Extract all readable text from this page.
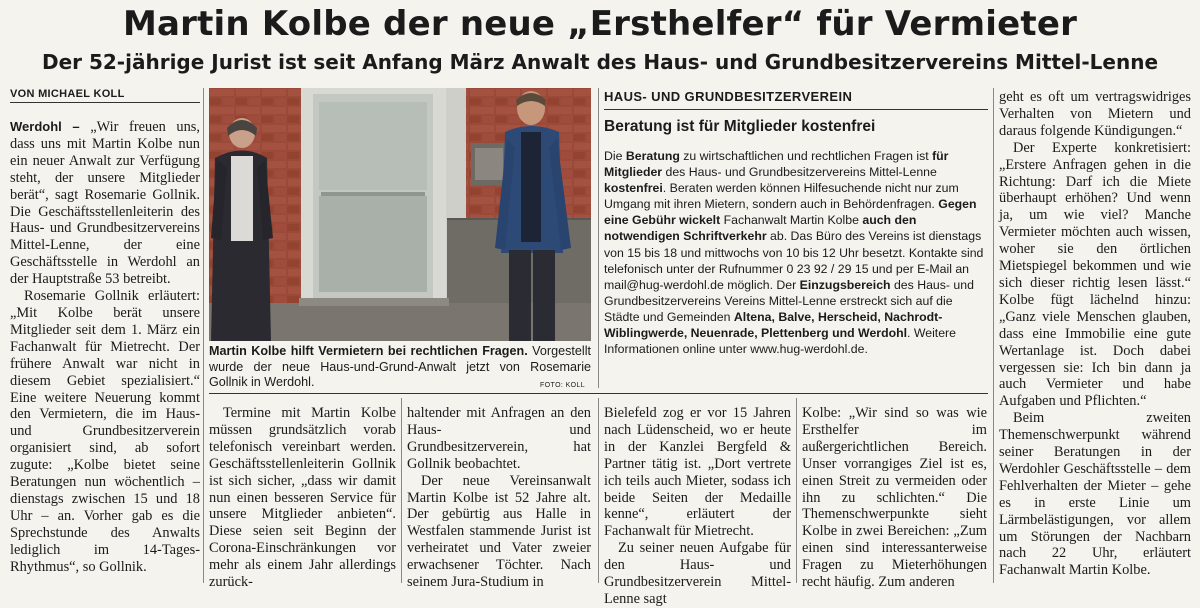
Martin Kolbe der neue „Ersthelfer“ für Vermieter
Der 52-jährige Jurist ist seit Anfang März Anwalt des Haus- und Grundbesitzervereins Mittel-Lenne
VON MICHAEL KOLL

Werdohl – „Wir freuen uns, dass uns mit Martin Kolbe nun ein neuer Anwalt zur Verfügung steht, der unsere Mitglieder berät“, sagt Rosemarie Gollnik. Die Geschäftsstellenleiterin des Haus- und Grundbesitzervereins Mittel-Lenne, der eine Geschäftsstelle in Werdohl an der Hauptstraße 53 betreibt.

Rosemarie Gollnik erläutert: „Mit Kolbe berät unsere Mitglieder seit dem 1. März ein Fachanwalt für Mietrecht. Der frühere Anwalt war nicht in diesem Gebiet spezialisiert.“ Eine weitere Neuerung kommt den Vermietern, die im Haus- und Grundbesitzerverein organisiert sind, ab sofort zugute: „Kolbe bietet seine Beratungen nun wöchentlich – dienstags zwischen 15 und 18 Uhr – an. Vorher gab es die Sprechstunde des Anwalts lediglich im 14-Tages-Rhythmus“, so Gollnik.

Martin Kolbe hilft Vermietern bei rechtlichen Fragen. Vorgestellt wurde der neue Haus-und-Grund-Anwalt jetzt von Rosemarie Gollnik in Werdohl.	FOTO: KOLL

Termine mit Martin Kolbe müssen grundsätzlich vorab telefonisch vereinbart werden. Geschäftsstellenleiterin Gollnik ist sich sicher, „dass wir damit nun einen besseren Service für unsere Mitglieder anbieten“. Diese seien seit Beginn der Corona-Einschränkungen vor mehr als einem Jahr allerdings zurück-

haltender mit Anfragen an den Haus- und Grundbesitzerverein, hat Gollnik beobachtet.

Der neue Vereinsanwalt Martin Kolbe ist 52 Jahre alt. Der gebürtig aus Halle in Westfalen stammende Jurist ist verheiratet und Vater zweier erwachsener Töchter. Nach seinem Jura-Studium in

HAUS- UND GRUNDBESITZERVEREIN
Beratung ist für Mitglieder kostenfrei
Die Beratung zu wirtschaftlichen und rechtlichen Fragen ist für Mitglieder des Haus- und Grundbesitzervereins Mittel-Lenne kostenfrei. Beraten werden können Hilfesuchende nicht nur zum Umgang mit ihren Mietern, sondern auch in Behördenfragen. Gegen eine Gebühr wickelt Fachanwalt Martin Kolbe auch den notwendigen Schriftverkehr ab. Das Büro des Vereins ist dienstags von 15 bis 18 und mittwochs von 10 bis 12 Uhr besetzt. Kontakte sind telefonisch unter der Rufnummer 0 23 92 / 29 15 und per E-Mail an mail@hug-werdohl.de möglich. Der Einzugsbereich des Haus- und Grundbesitzervereins Vereins Mittel-Lenne erstreckt sich auf die Städte und Gemeinden Altena, Balve, Herscheid, Nachrodt-Wiblingwerde, Neuenrade, Plettenberg und Werdohl. Weitere Informationen online unter www.hug-werdohl.de.

Bielefeld zog er vor 15 Jahren nach Lüdenscheid, wo er heute in der Kanzlei Bergfeld & Partner tätig ist. „Dort vertrete ich teils auch Mieter, sodass ich beide Seiten der Medaille kenne“, erläutert der Fachanwalt für Mietrecht.

Zu seiner neuen Aufgabe für den Haus- und Grundbesitzerverein Mittel-Lenne sagt

Kolbe: „Wir sind so was wie Ersthelfer im außergerichtlichen Bereich. Unser vorrangiges Ziel ist es, einen Streit zu vermeiden oder ihn zu schlichten.“ Die Themenschwerpunkte sieht Kolbe in zwei Bereichen: „Zum einen sind interessanterweise Fragen zu Mieterhöhungen recht häufig. Zum anderen

geht es oft um vertragswidriges Verhalten von Mietern und daraus folgende Kündigungen.“

Der Experte konkretisiert: „Erstere Anfragen gehen in die Richtung: Darf ich die Miete überhaupt erhöhen? Und wenn ja, um wie viel? Manche Vermieter möchten auch wissen, woher sie den örtlichen Mietspiegel bekommen und wie sich dieser richtig lesen lässt.“ Kolbe fügt lächelnd hinzu: „Ganz viele Menschen glauben, dass eine Immobilie eine gute Wertanlage ist. Doch dabei vergessen sie: Ich bin dann ja auch Vermieter und habe Aufgaben und Pflichten.“

Beim zweiten Themenschwerpunkt während seiner Beratungen in der Werdohler Geschäftsstelle – dem Fehlverhalten der Mieter – gehe es in erste Linie um Lärmbelästigungen, vor allem um Störungen der Nachbarn nach 22 Uhr, erläutert Fachanwalt Martin Kolbe.
